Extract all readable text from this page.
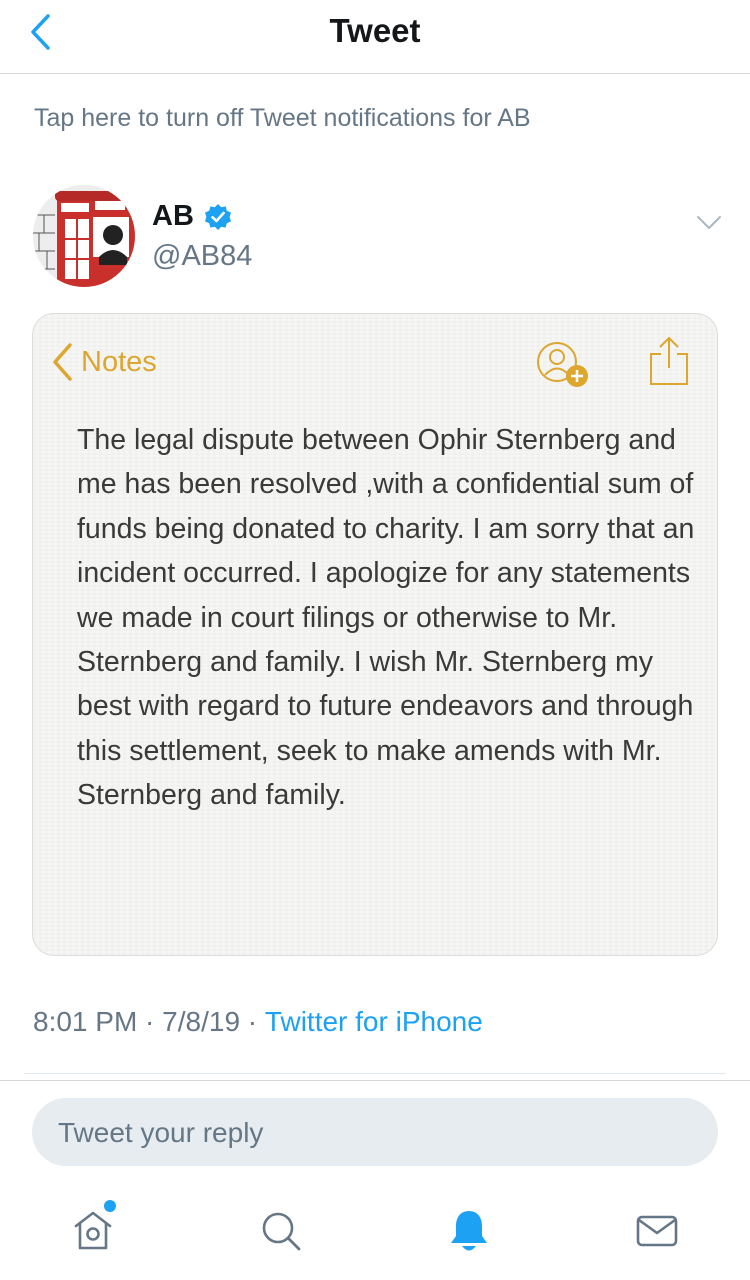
Tweet
Tap here to turn off Tweet notifications for AB
AB
@AB84
Notes
The legal dispute between Ophir Sternberg and me has been resolved ,with a confidential sum of funds being donated to charity. I am sorry that an incident occurred. I apologize for any statements we made in court filings or otherwise to Mr. Sternberg and family. I wish Mr. Sternberg my best with regard to future endeavors and through this settlement, seek to make amends with Mr. Sternberg and family.
8:01 PM · 7/8/19 · Twitter for iPhone
Tweet your reply
